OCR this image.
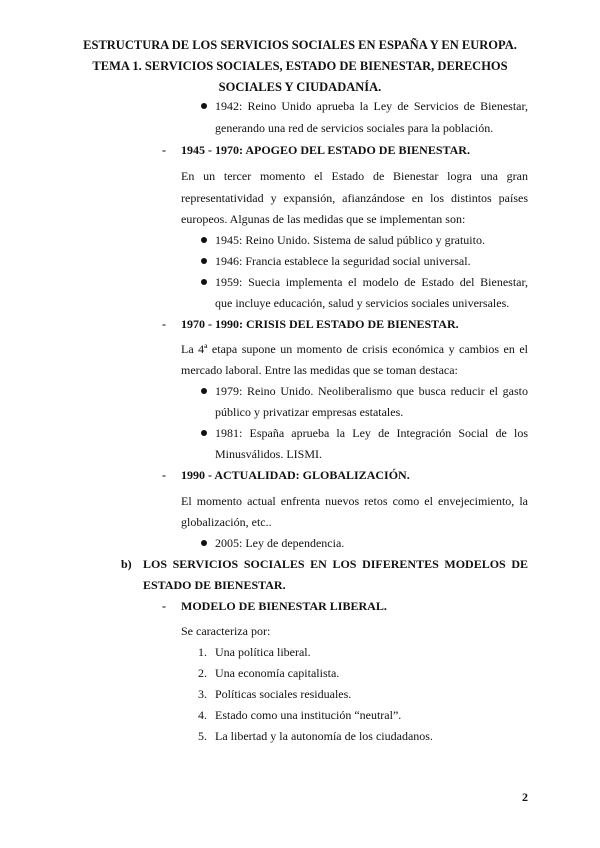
ESTRUCTURA DE LOS SERVICIOS SOCIALES EN ESPAÑA Y EN EUROPA.
TEMA 1. SERVICIOS SOCIALES, ESTADO DE BIENESTAR, DERECHOS
SOCIALES Y CIUDADANÍA.
1942: Reino Unido aprueba la Ley de Servicios de Bienestar,
generando una red de servicios sociales para la población.
- 1945 - 1970: APOGEO DEL ESTADO DE BIENESTAR.
En un tercer momento el Estado de Bienestar logra una gran
representatividad y expansión, afianzándose en los distintos países
europeos. Algunas de las medidas que se implementan son:
1945: Reino Unido. Sistema de salud público y gratuito.
1946: Francia establece la seguridad social universal.
1959: Suecia implementa el modelo de Estado del Bienestar,
que incluye educación, salud y servicios sociales universales.
- 1970 - 1990: CRISIS DEL ESTADO DE BIENESTAR.
La 4ª etapa supone un momento de crisis económica y cambios en el
mercado laboral. Entre las medidas que se toman destaca:
1979: Reino Unido. Neoliberalismo que busca reducir el gasto
público y privatizar empresas estatales.
1981: España aprueba la Ley de Integración Social de los
Minusválidos. LISMI.
- 1990 - ACTUALIDAD: GLOBALIZACIÓN.
El momento actual enfrenta nuevos retos como el envejecimiento, la
globalización, etc..
2005: Ley de dependencia.
b) LOS SERVICIOS SOCIALES EN LOS DIFERENTES MODELOS DE
ESTADO DE BIENESTAR.
- MODELO DE BIENESTAR LIBERAL.
Se caracteriza por:
1. Una política liberal.
2. Una economía capitalista.
3. Políticas sociales residuales.
4. Estado como una institución “neutral”.
5. La libertad y la autonomía de los ciudadanos.
2
